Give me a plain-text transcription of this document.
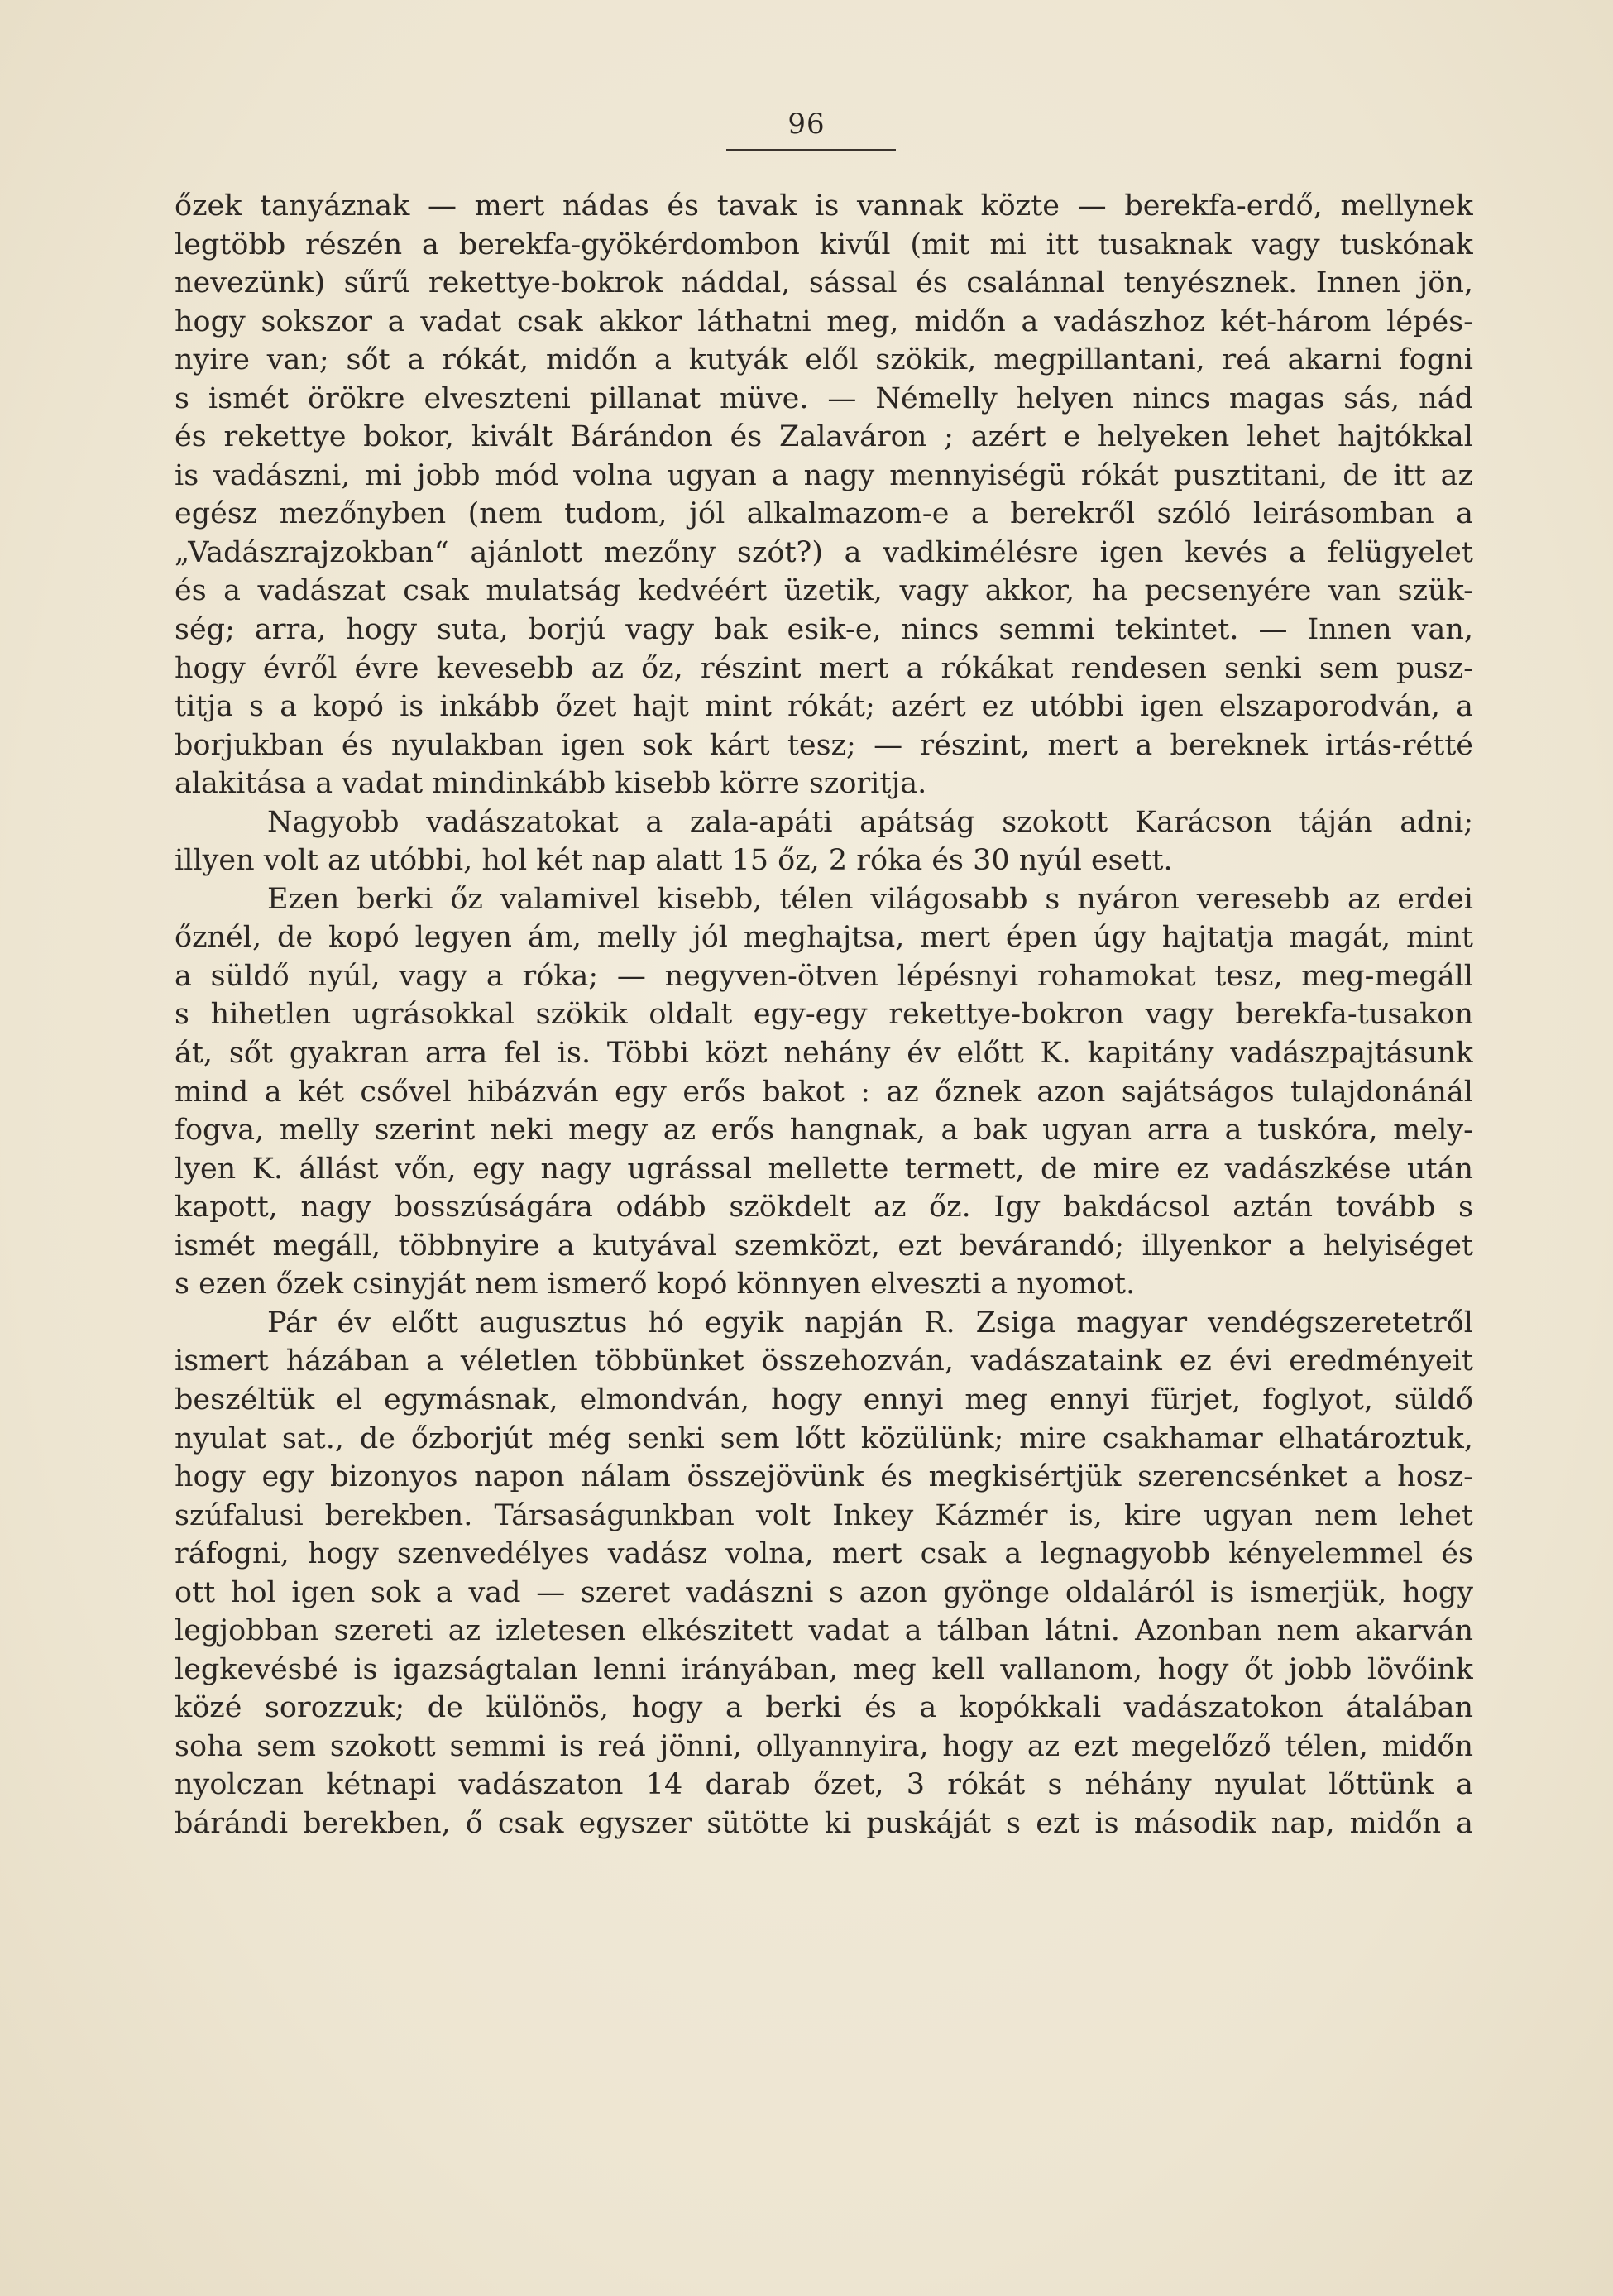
96
őzek tanyáznak — mert nádas és tavak is vannak közte — berekfa-erdő, mellynek
legtöbb részén a berekfa-gyökérdombon kivűl (mit mi itt tusaknak vagy tuskónak
nevezünk) sűrű rekettye-bokrok náddal, sással és csalánnal tenyésznek. Innen jön,
hogy sokszor a vadat csak akkor láthatni meg, midőn a vadászhoz két-három lépés-
nyire van; sőt a rókát, midőn a kutyák elől szökik, megpillantani, reá akarni fogni
s ismét örökre elveszteni pillanat müve. — Némelly helyen nincs magas sás, nád
és rekettye bokor, kivált Bárándon és Zalaváron ; azért e helyeken lehet hajtókkal
is vadászni, mi jobb mód volna ugyan a nagy mennyiségü rókát pusztitani, de itt az
egész mezőnyben (nem tudom, jól alkalmazom-e a berekről szóló leirásomban a
„Vadászrajzokban“ ajánlott mezőny szót?) a vadkimélésre igen kevés a felügyelet
és a vadászat csak mulatság kedvéért üzetik, vagy akkor, ha pecsenyére van szük-
ség; arra, hogy suta, borjú vagy bak esik-e, nincs semmi tekintet. — Innen van,
hogy évről évre kevesebb az őz, részint mert a rókákat rendesen senki sem pusz-
titja s a kopó is inkább őzet hajt mint rókát; azért ez utóbbi igen elszaporodván, a
borjukban és nyulakban igen sok kárt tesz; — részint, mert a bereknek irtás-rétté
alakitása a vadat mindinkább kisebb körre szoritja.
Nagyobb vadászatokat a zala-apáti apátság szokott Karácson táján adni;
illyen volt az utóbbi, hol két nap alatt 15 őz, 2 róka és 30 nyúl esett.
Ezen berki őz valamivel kisebb, télen világosabb s nyáron veresebb az erdei
őznél, de kopó legyen ám, melly jól meghajtsa, mert épen úgy hajtatja magát, mint
a süldő nyúl, vagy a róka; — negyven-ötven lépésnyi rohamokat tesz, meg-megáll
s hihetlen ugrásokkal szökik oldalt egy-egy rekettye-bokron vagy berekfa-tusakon
át, sőt gyakran arra fel is. Többi közt nehány év előtt K. kapitány vadászpajtásunk
mind a két csővel hibázván egy erős bakot : az őznek azon sajátságos tulajdonánál
fogva, melly szerint neki megy az erős hangnak, a bak ugyan arra a tuskóra, mely-
lyen K. állást vőn, egy nagy ugrással mellette termett, de mire ez vadászkése után
kapott, nagy bosszúságára odább szökdelt az őz. Igy bakdácsol aztán tovább s
ismét megáll, többnyire a kutyával szemközt, ezt bevárandó; illyenkor a helyiséget
s ezen őzek csinyját nem ismerő kopó könnyen elveszti a nyomot.
Pár év előtt augusztus hó egyik napján R. Zsiga magyar vendégszeretetről
ismert házában a véletlen többünket összehozván, vadászataink ez évi eredményeit
beszéltük el egymásnak, elmondván, hogy ennyi meg ennyi fürjet, foglyot, süldő
nyulat sat., de őzborjút még senki sem lőtt közülünk; mire csakhamar elhatároztuk,
hogy egy bizonyos napon nálam összejövünk és megkisértjük szerencsénket a hosz-
szúfalusi berekben. Társaságunkban volt Inkey Kázmér is, kire ugyan nem lehet
ráfogni, hogy szenvedélyes vadász volna, mert csak a legnagyobb kényelemmel és
ott hol igen sok a vad — szeret vadászni s azon gyönge oldaláról is ismerjük, hogy
legjobban szereti az izletesen elkészitett vadat a tálban látni. Azonban nem akarván
legkevésbé is igazságtalan lenni irányában, meg kell vallanom, hogy őt jobb lövőink
közé sorozzuk; de különös, hogy a berki és a kopókkali vadászatokon átalában
soha sem szokott semmi is reá jönni, ollyannyira, hogy az ezt megelőző télen, midőn
nyolczan kétnapi vadászaton 14 darab őzet, 3 rókát s néhány nyulat lőttünk a
bárándi berekben, ő csak egyszer sütötte ki puskáját s ezt is második nap, midőn a
